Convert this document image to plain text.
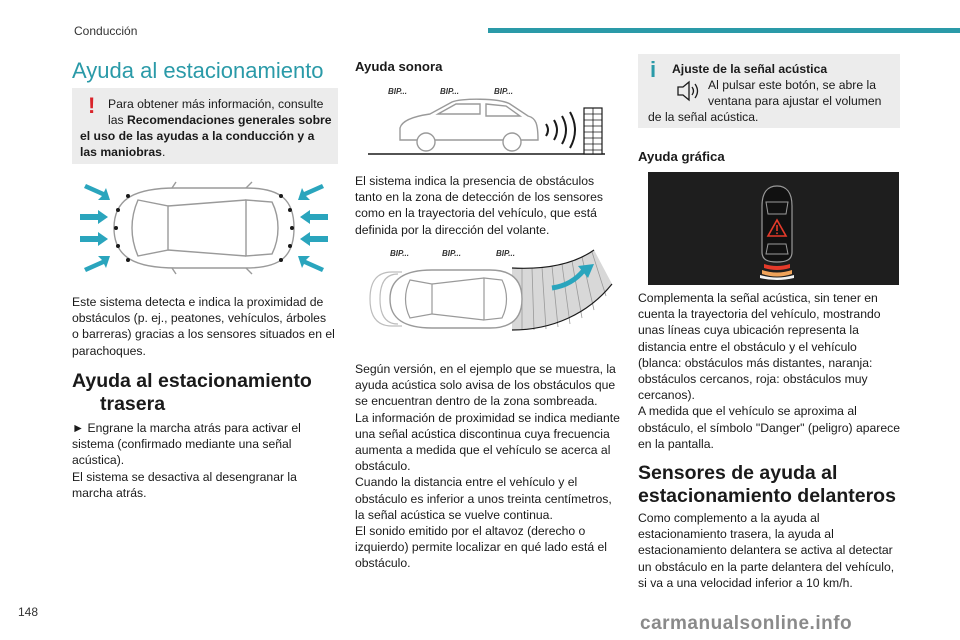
Conducción
Ayuda al estacionamiento
! Para obtener más información, consulte

las Recomendaciones generales sobre

el uso de las ayudas a la conducción y a

las maniobras.

Este sistema detecta e indica la proximidad de

obstáculos (p. ej., peatones, vehículos, árboles

o barreras) gracias a los sensores situados en el

parachoques.

Ayuda al estacionamiento
trasera

► Engrane la marcha atrás para activar el

sistema (confirmado mediante una señal

acústica).

El sistema se desactiva al desengranar la

marcha atrás.

Ayuda sonora
BIP...	BIP...	BIP...

El sistema indica la presencia de obstáculos

tanto en la zona de detección de los sensores

como en la trayectoria del vehículo, que está

definida por la dirección del volante.

BIP...	BIP...	BIP...

Según versión, en el ejemplo que se muestra, la

ayuda acústica solo avisa de los obstáculos que

se encuentran dentro de la zona sombreada.

La información de proximidad se indica mediante

una señal acústica discontinua cuya frecuencia

aumenta a medida que el vehículo se acerca al

obstáculo.

Cuando la distancia entre el vehículo y el

obstáculo es inferior a unos treinta centímetros,

la señal acústica se vuelve continua.

El sonido emitido por el altavoz (derecho o

izquierdo) permite localizar en qué lado está el

obstáculo.

i Ajuste de la señal acústica

Al pulsar este botón, se abre la

ventana para ajustar el volumen

de la señal acústica.

Ayuda gráfica

Complementa la señal acústica, sin tener en

cuenta la trayectoria del vehículo, mostrando

unas líneas cuya ubicación representa la

distancia entre el obstáculo y el vehículo

(blanca: obstáculos más distantes, naranja:

obstáculos cercanos, roja: obstáculos muy

cercanos).

A medida que el vehículo se aproxima al

obstáculo, el símbolo "Danger" (peligro) aparece

en la pantalla.

Sensores de ayuda al
estacionamiento delanteros

Como complemento a la ayuda al

estacionamiento trasera, la ayuda al

estacionamiento delantera se activa al detectar

un obstáculo en la parte delantera del vehículo,

si va a una velocidad inferior a 10 km/h.

148
carmanualsonline.info
